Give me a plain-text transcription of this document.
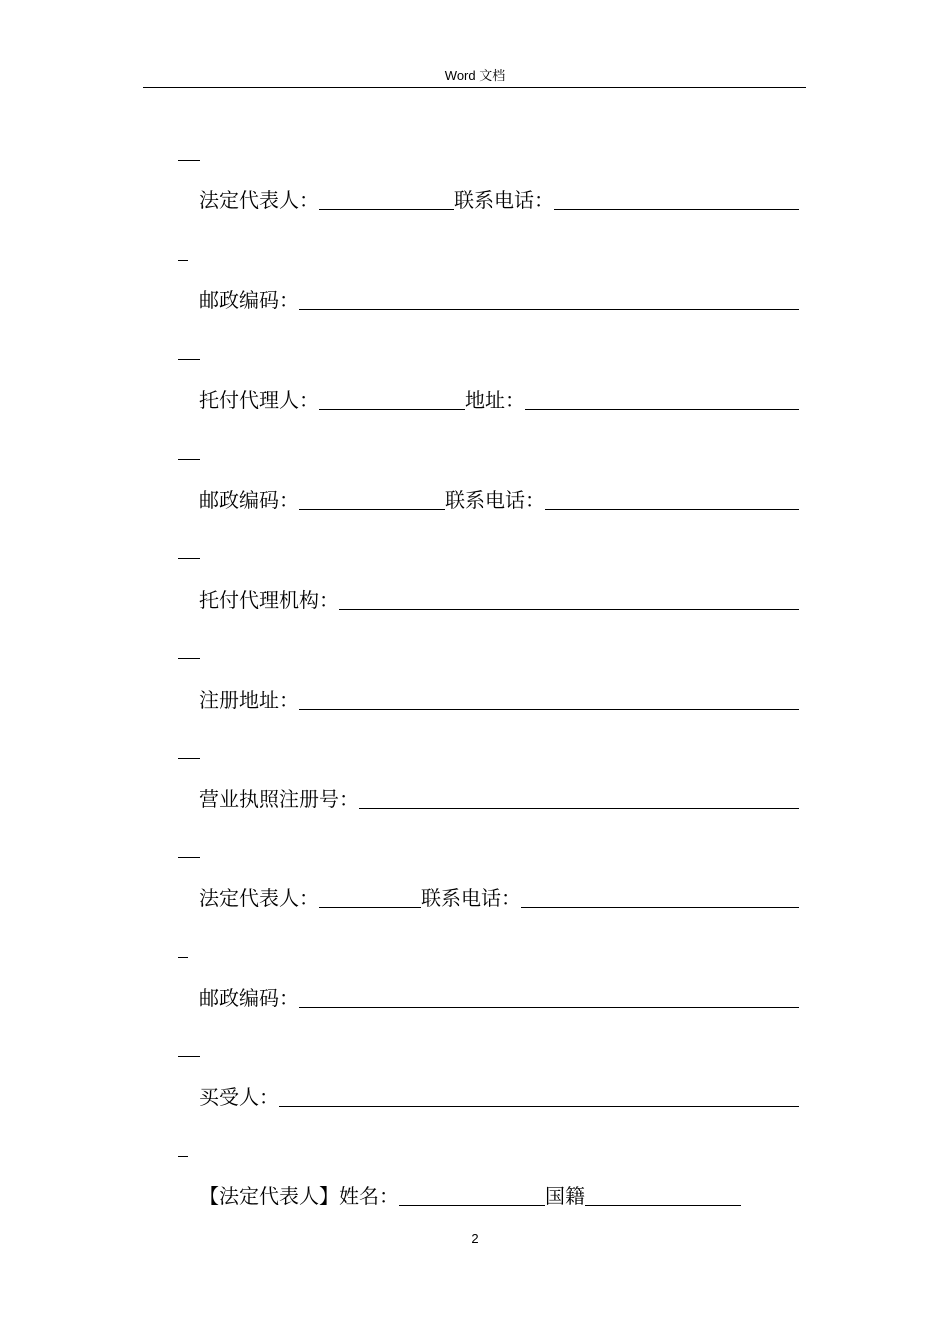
Word 文档
法定代表人：	联系电话：
邮政编码：
托付代理人：	地址：
邮政编码：	联系电话：
托付代理机构：
注册地址：
营业执照注册号：
法定代表人：	联系电话：
邮政编码：
买受人：
【法定代表人】姓名：	国籍
2
